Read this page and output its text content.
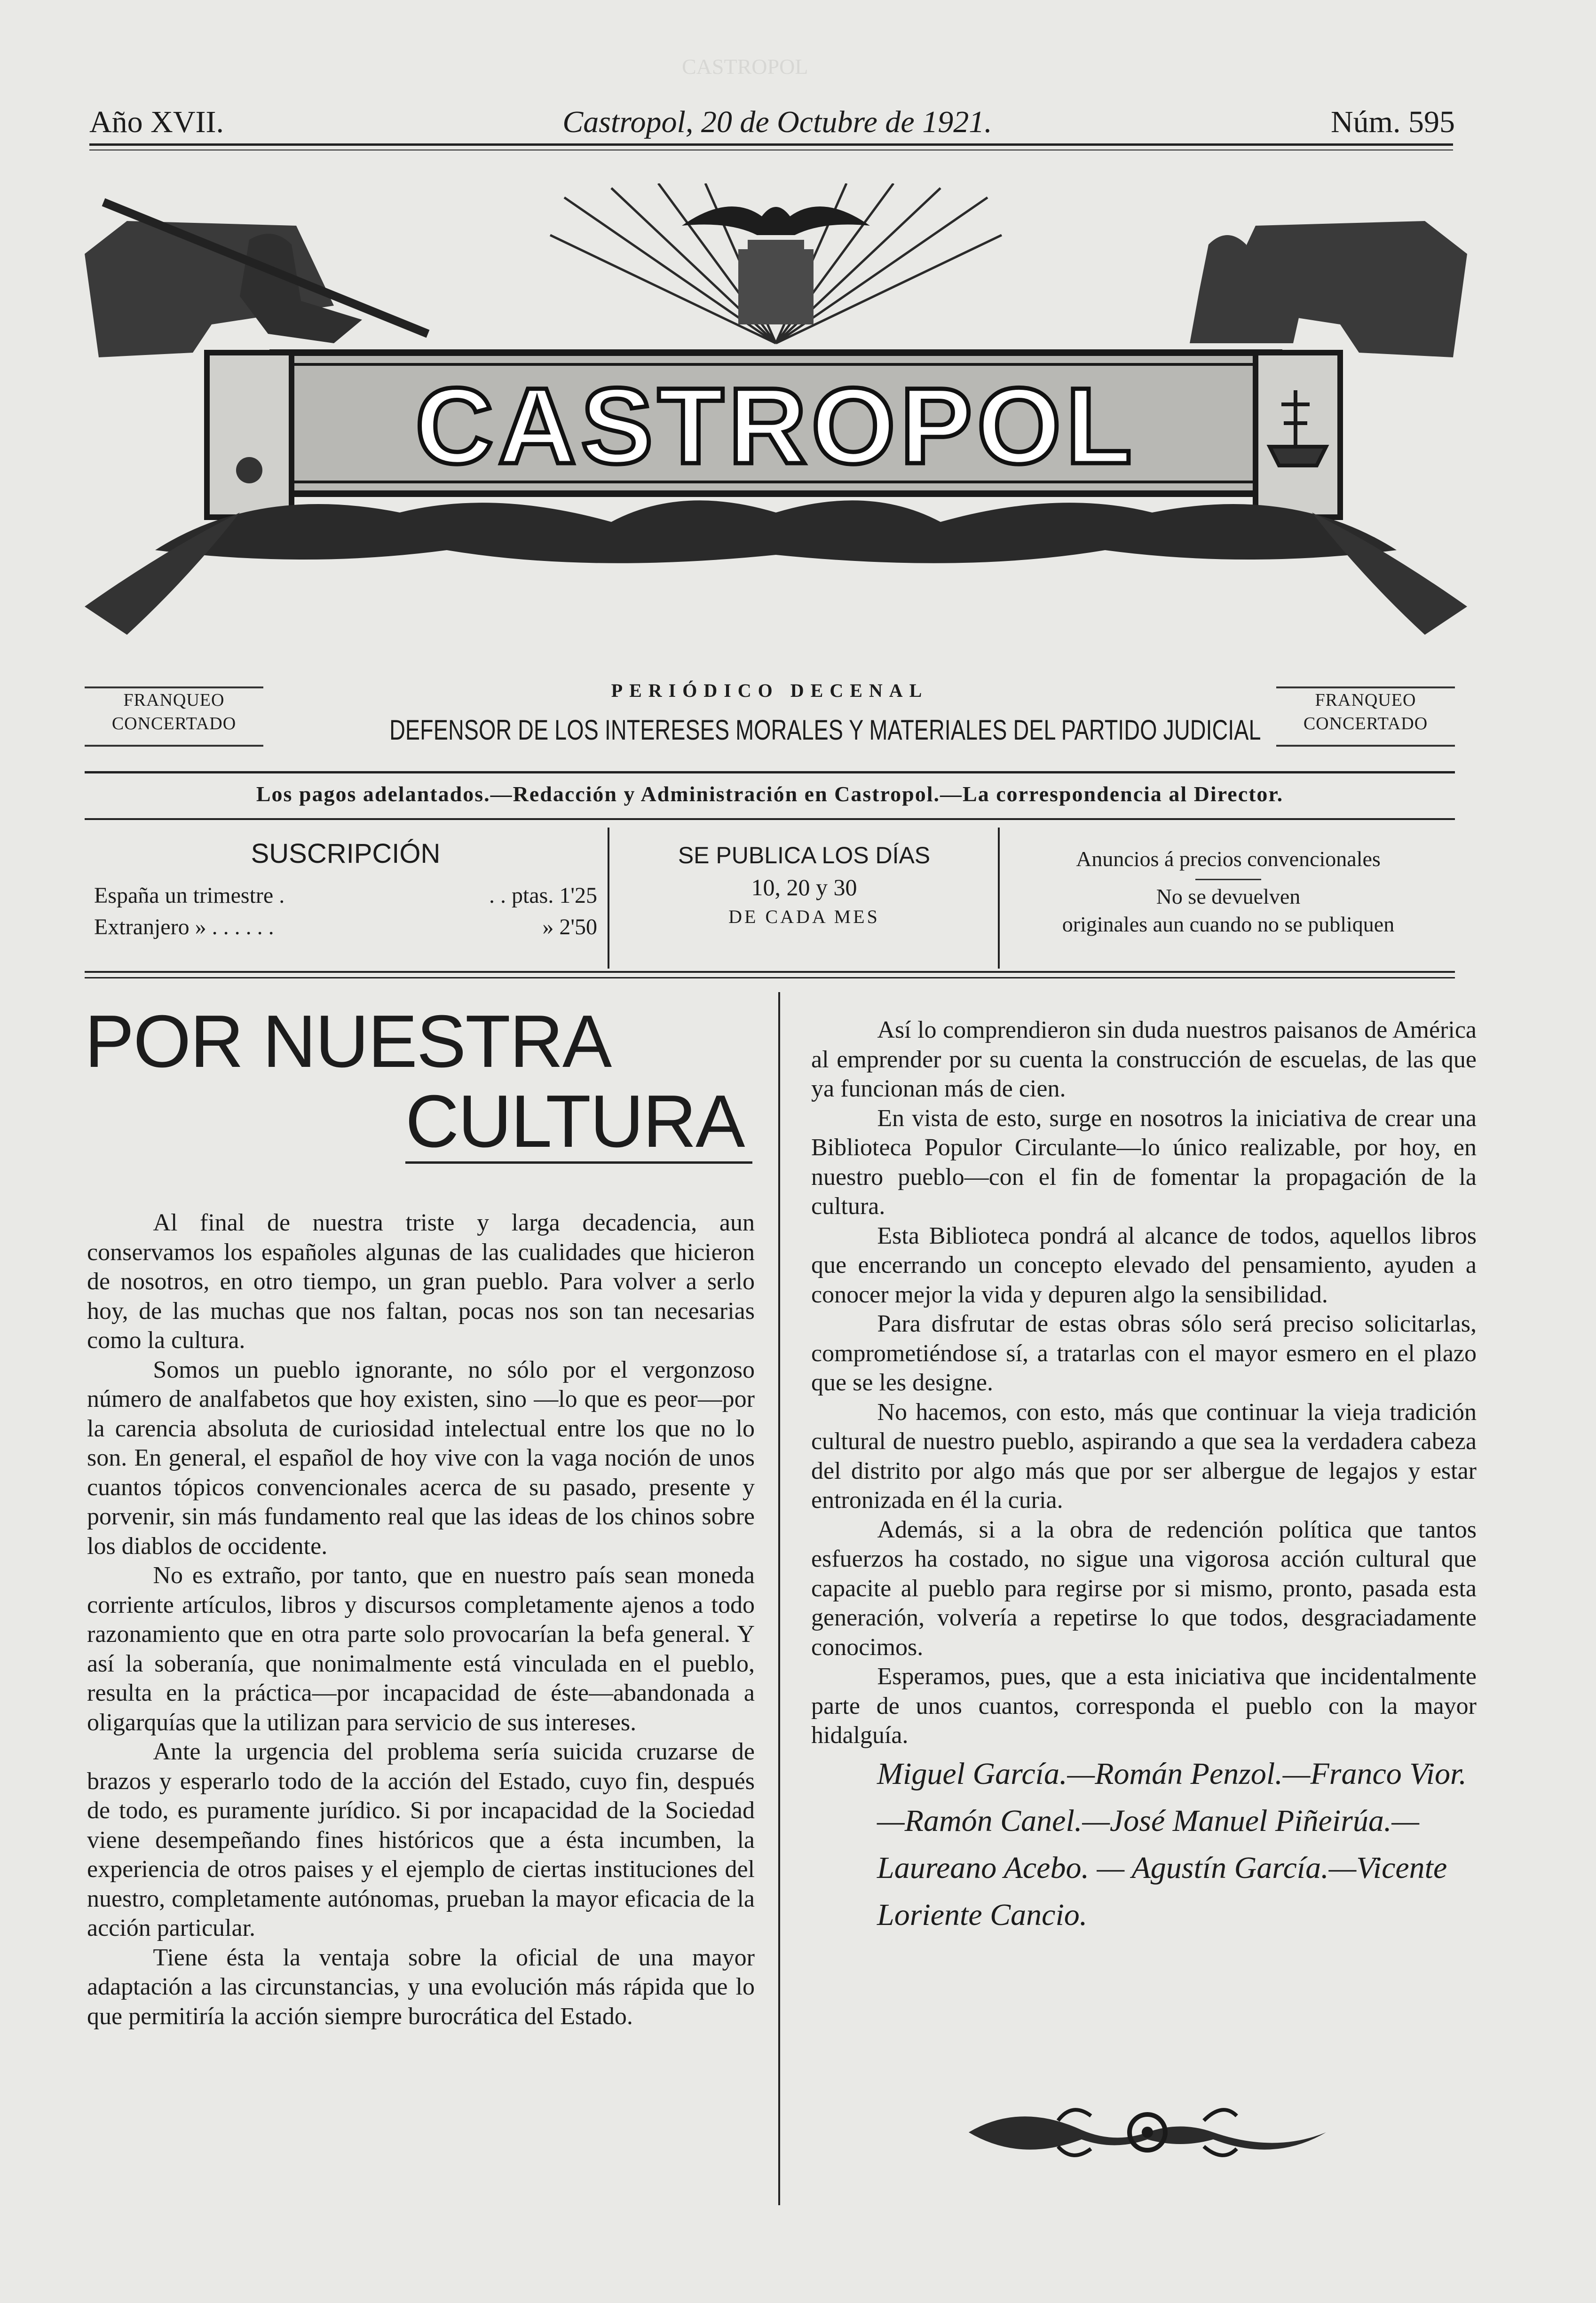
CASTROPOL
Año XVII.	Castropol, 20 de Octubre de 1921.	Núm. 595
CASTROPOL
FRANQUEO
CONCERTADO
PERIÓDICO DECENAL
DEFENSOR DE LOS INTERESES MORALES Y MATERIALES DEL PARTIDO JUDICIAL
FRANQUEO
CONCERTADO
Los pagos adelantados.—Redacción y Administración en Castropol.—La correspondencia al Director.
SUSCRIPCIÓN
España un trimestre .	. . ptas. 1'25
Extranjero » . . . . . .	» 2'50
SE PUBLICA LOS DÍAS
10, 20 y 30
DE CADA MES
Anuncios á precios convencionales
No se devuelven
originales aun cuando no se publiquen
POR NUESTRA
CULTURA

Al final de nuestra triste y larga decadencia, aun conservamos los españoles algunas de las cualidades que hicieron de nosotros, en otro tiempo, un gran pueblo. Para volver a serlo hoy, de las muchas que nos faltan, pocas nos son tan necesarias como la cultura.

Somos un pueblo ignorante, no sólo por el vergonzoso número de analfabetos que hoy existen, sino —lo que es peor—por la carencia absoluta de curiosidad intelectual entre los que no lo son. En general, el español de hoy vive con la vaga noción de unos cuantos tópicos convencionales acerca de su pasado, presente y porvenir, sin más fundamento real que las ideas de los chinos sobre los diablos de occidente.

No es extraño, por tanto, que en nuestro país sean moneda corriente artículos, libros y discursos completamente ajenos a todo razonamiento que en otra parte solo provocarían la befa general. Y así la soberanía, que nonimalmente está vinculada en el pueblo, resulta en la práctica—por incapacidad de éste—abandonada a oligarquías que la utilizan para servicio de sus intereses.

Ante la urgencia del problema sería suicida cruzarse de brazos y esperarlo todo de la acción del Estado, cuyo fin, después de todo, es puramente jurídico. Si por incapacidad de la Sociedad viene desempeñando fines históricos que a ésta incumben, la experiencia de otros paises y el ejemplo de ciertas instituciones del nuestro, completamente autónomas, prueban la mayor eficacia de la acción particular.

Tiene ésta la ventaja sobre la oficial de una mayor adaptación a las circunstancias, y una evolución más rápida que lo que permitiría la acción siempre burocrática del Estado.

Así lo comprendieron sin duda nuestros paisanos de América al emprender por su cuenta la construcción de escuelas, de las que ya funcionan más de cien.

En vista de esto, surge en nosotros la iniciativa de crear una Biblioteca Populor Circulante—lo único realizable, por hoy, en nuestro pueblo—con el fin de fomentar la propagación de la cultura.

Esta Biblioteca pondrá al alcance de todos, aquellos libros que encerrando un concepto elevado del pensamiento, ayuden a conocer mejor la vida y depuren algo la sensibilidad.

Para disfrutar de estas obras sólo será preciso solicitarlas, comprometiéndose sí, a tratarlas con el mayor esmero en el plazo que se les designe.

No hacemos, con esto, más que continuar la vieja tradición cultural de nuestro pueblo, aspirando a que sea la verdadera cabeza del distrito por algo más que por ser albergue de legajos y estar entronizada en él la curia.

Además, si a la obra de redención política que tantos esfuerzos ha costado, no sigue una vigorosa acción cultural que capacite al pueblo para regirse por si mismo, pronto, pasada esta generación, volvería a repetirse lo que todos, desgraciadamente conocimos.

Esperamos, pues, que a esta iniciativa que incidentalmente parte de unos cuantos, corresponda el pueblo con la mayor hidalguía.

Miguel García.—Román Penzol.—Franco Vior.—Ramón Canel.—José Manuel Piñeirúa.—Laureano Acebo. — Agustín García.—Vicente Loriente Cancio.
